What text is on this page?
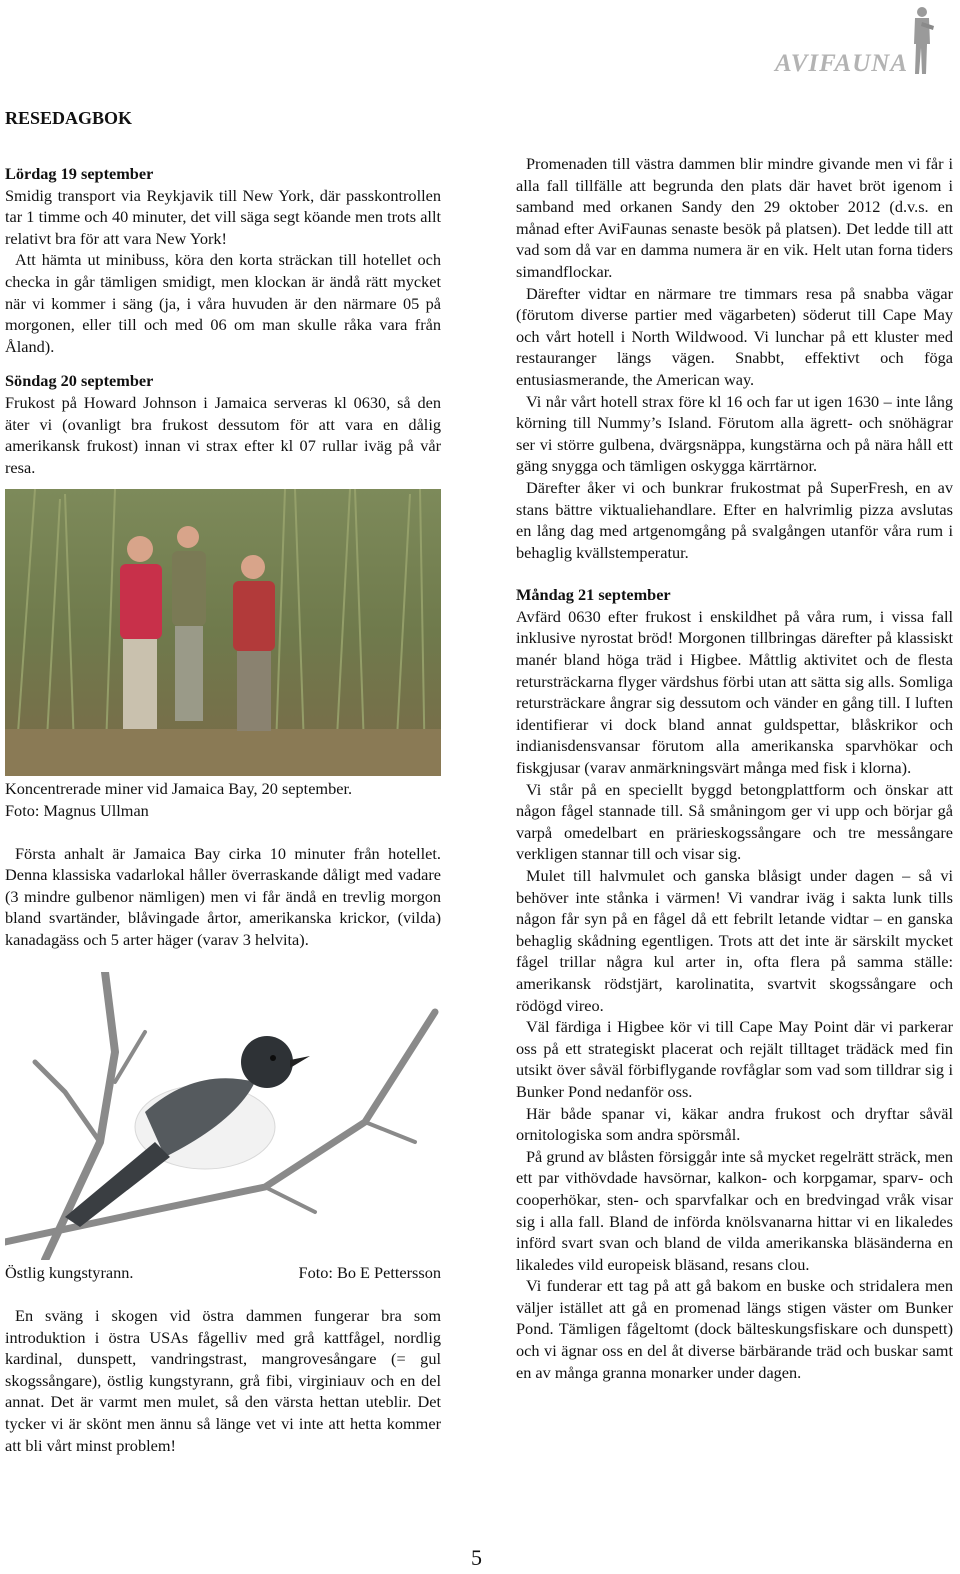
AVIFAUNA
RESEDAGBOK
Lördag 19 september

Smidig transport via Reykjavik till New York, där passkontrollen tar 1 timme och 40 minuter, det vill säga segt köande men trots allt relativt bra för att vara New York!

Att hämta ut minibuss, köra den korta sträckan till hotellet och checka in går tämligen smidigt, men klockan är ändå rätt mycket när vi kommer i säng (ja, i våra huvuden är den närmare 05 på morgonen, eller till och med 06 om man skulle råka vara från Åland).

Söndag 20 september

Frukost på Howard Johnson i Jamaica serveras kl 0630, så den äter vi (ovanligt bra frukost dessutom för att vara en dålig amerikansk frukost) innan vi strax efter kl 07 rullar iväg på vår resa.

Koncentrerade miner vid Jamaica Bay, 20 september.
Foto: Magnus Ullman

Första anhalt är Jamaica Bay cirka 10 minuter från hotellet. Denna klassiska vadarlokal håller överraskande dåligt med vadare (3 mindre gulbenor nämligen) men vi får ändå en trevlig morgon bland svartänder, blåvingade årtor, amerikanska krickor, (vilda) kanadagäss och 5 arter häger (varav 3 helvita).

Östlig kungstyrann.	Foto: Bo E Pettersson

En sväng i skogen vid östra dammen fungerar bra som introduktion i östra USAs fågelliv med grå kattfågel, nordlig kardinal, dunspett, vandringstrast, mangrovesångare (= gul skogssångare), östlig kungstyrann, grå fibi, virginiauv och en del annat. Det är varmt men mulet, så den värsta hettan uteblir. Det tycker vi är skönt men ännu så länge vet vi inte att hetta kommer att bli vårt minst problem!

Promenaden till västra dammen blir mindre givande men vi får i alla fall tillfälle att begrunda den plats där havet bröt igenom i samband med orkanen Sandy den 29 oktober 2012 (d.v.s. en månad efter AviFaunas senaste besök på platsen). Det ledde till att vad som då var en damma numera är en vik. Helt utan forna tiders simandflockar.

Därefter vidtar en närmare tre timmars resa på snabba vägar (förutom diverse partier med vägarbeten) söderut till Cape May och vårt hotell i North Wildwood. Vi lunchar på ett kluster med restauranger längs vägen. Snabbt, effektivt och föga entusiasmerande, the American way.

Vi når vårt hotell strax före kl 16 och far ut igen 1630 – inte lång körning till Nummy’s Island. Förutom alla ägrett- och snöhägrar ser vi större gulbena, dvärgsnäppa, kungstärna och på nära håll ett gäng snygga och tämligen oskygga kärrtärnor.

Därefter åker vi och bunkrar frukostmat på SuperFresh, en av stans bättre viktualiehandlare. Efter en halvrimlig pizza avslutas en lång dag med artgenomgång på svalgången utanför våra rum i behaglig kvällstemperatur.

Måndag 21 september

Avfärd 0630 efter frukost i enskildhet på våra rum, i vissa fall inklusive nyrostat bröd! Morgonen tillbringas därefter på klassiskt manér bland höga träd i Higbee. Måttlig aktivitet och de flesta retursträckarna flyger värdshus förbi utan att sätta sig alls. Somliga retursträckare ångrar sig dessutom och vänder en gång till. I luften identifierar vi dock bland annat guldspettar, blåskrikor och indianisdensvansar förutom alla amerikanska sparvhökar och fiskgjusar (varav anmärkningsvärt många med fisk i klorna).

Vi står på en speciellt byggd betongplattform och önskar att någon fågel stannade till. Så småningom ger vi upp och börjar gå varpå omedelbart en prärieskogssångare och tre messångare verkligen stannar till och visar sig.

Mulet till halvmulet och ganska blåsigt under dagen – så vi behöver inte stånka i värmen! Vi vandrar iväg i sakta lunk tills någon får syn på en fågel då ett febrilt letande vidtar – en ganska behaglig skådning egentligen. Trots att det inte är särskilt mycket fågel trillar några kul arter in, ofta flera på samma ställe: amerikansk rödstjärt, karolinatita, svartvit skogssångare och rödögd vireo.

Väl färdiga i Higbee kör vi till Cape May Point där vi parkerar oss på ett strategiskt placerat och rejält tilltaget trädäck med fin utsikt över såväl förbiflygande rovfåglar som vad som tilldrar sig i Bunker Pond nedanför oss.

Här både spanar vi, käkar andra frukost och dryftar såväl ornitologiska som andra spörsmål.

På grund av blåsten försiggår inte så mycket regelrätt sträck, men ett par vithövdade havsörnar, kalkon- och korpgamar, sparv- och cooperhökar, sten- och sparvfalkar och en bredvingad vråk visar sig i alla fall. Bland de införda knölsvanarna hittar vi en likaledes införd svart svan och bland de vilda amerikanska bläsänderna en likaledes vild europeisk bläsand, resans clou.

Vi funderar ett tag på att gå bakom en buske och stridalera men väljer istället att gå en promenad längs stigen väster om Bunker Pond. Tämligen fågeltomt (dock bälteskungsfiskare och dunspett) och vi ägnar oss en del åt diverse bärbärande träd och buskar samt en av många granna monarker under dagen.

5
